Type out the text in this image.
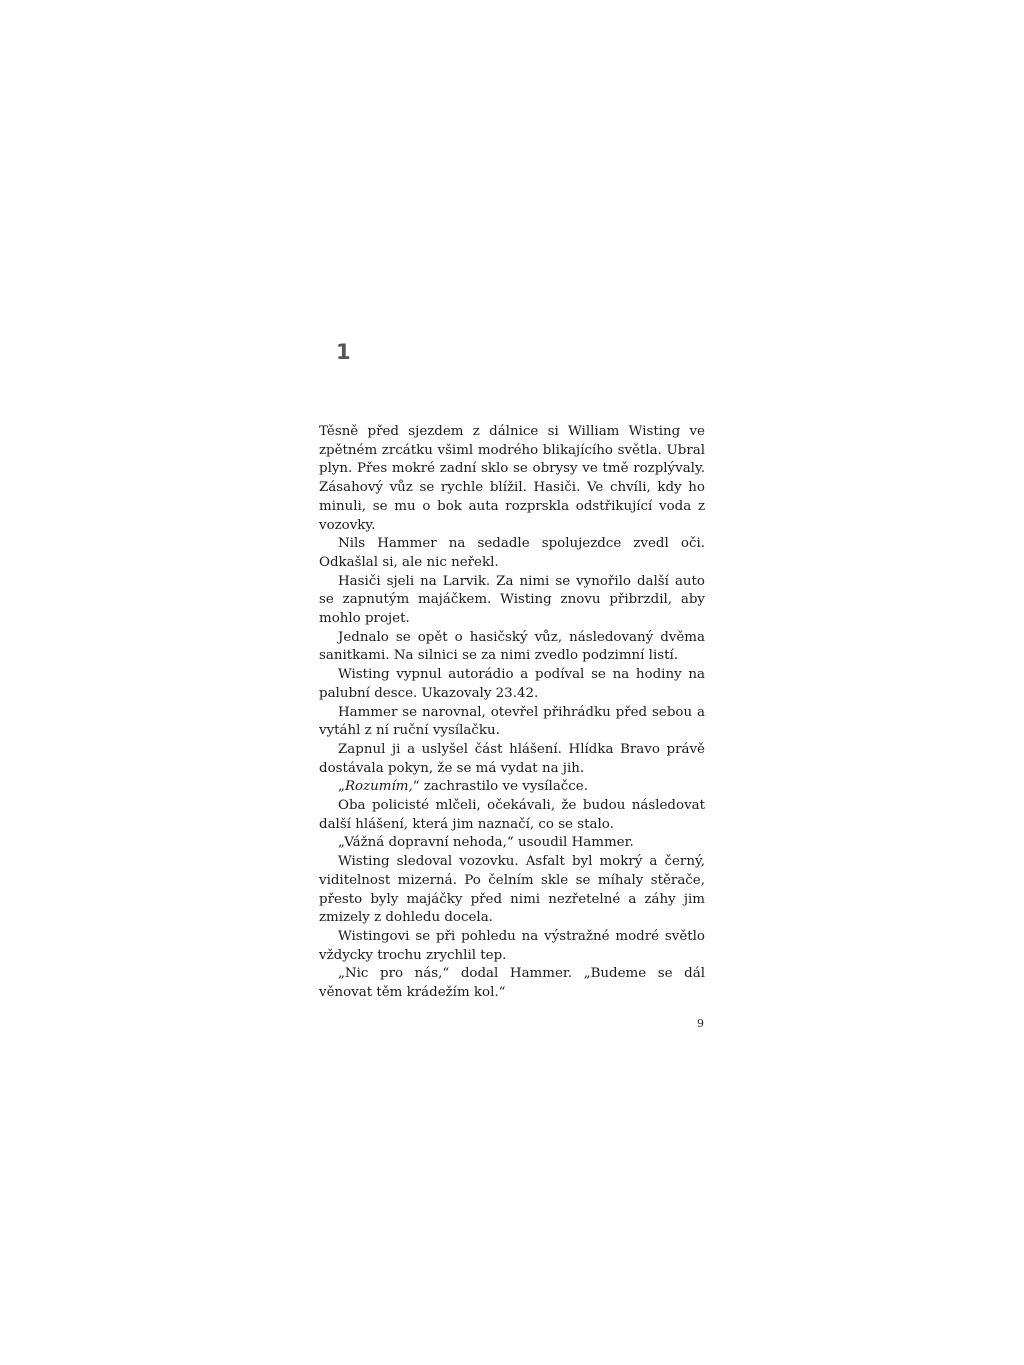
1

Těsně před sjezdem z dálnice si William Wisting ve zpětném zrcátku všiml modrého blikajícího světla. Ubral plyn. Přes mokré zadní sklo se obrysy ve tmě rozplývaly. Zásahový vůz se rychle blížil. Hasiči. Ve chvíli, kdy ho minuli, se mu o bok auta rozprskla odstřikující voda z vozovky.

Nils Hammer na sedadle spolujezdce zvedl oči. Odkašlal si, ale nic neřekl.

Hasiči sjeli na Larvik. Za nimi se vynořilo další auto se zapnutým majáčkem. Wisting znovu přibrzdil, aby mohlo projet.

Jednalo se opět o hasičský vůz, následovaný dvěma sanitkami. Na silnici se za nimi zvedlo podzimní listí.

Wisting vypnul autorádio a podíval se na hodiny na palubní desce. Ukazovaly 23.42.

Hammer se narovnal, otevřel přihrádku před sebou a vytáhl z ní ruční vysílačku.

Zapnul ji a uslyšel část hlášení. Hlídka Bravo právě dostávala pokyn, že se má vydat na jih.

„Rozumím,“ zachrastilo ve vysílačce.

Oba policisté mlčeli, očekávali, že budou následovat další hlášení, která jim naznačí, co se stalo.

„Vážná dopravní nehoda,“ usoudil Hammer.

Wisting sledoval vozovku. Asfalt byl mokrý a černý, viditelnost mizerná. Po čelním skle se míhaly stěrače, přesto byly majáčky před nimi nezřetelné a záhy jim zmizely z dohledu docela.

Wistingovi se při pohledu na výstražné modré světlo vždycky trochu zrychlil tep.

„Nic pro nás,“ dodal Hammer. „Budeme se dál věnovat těm krádežím kol.“

9
